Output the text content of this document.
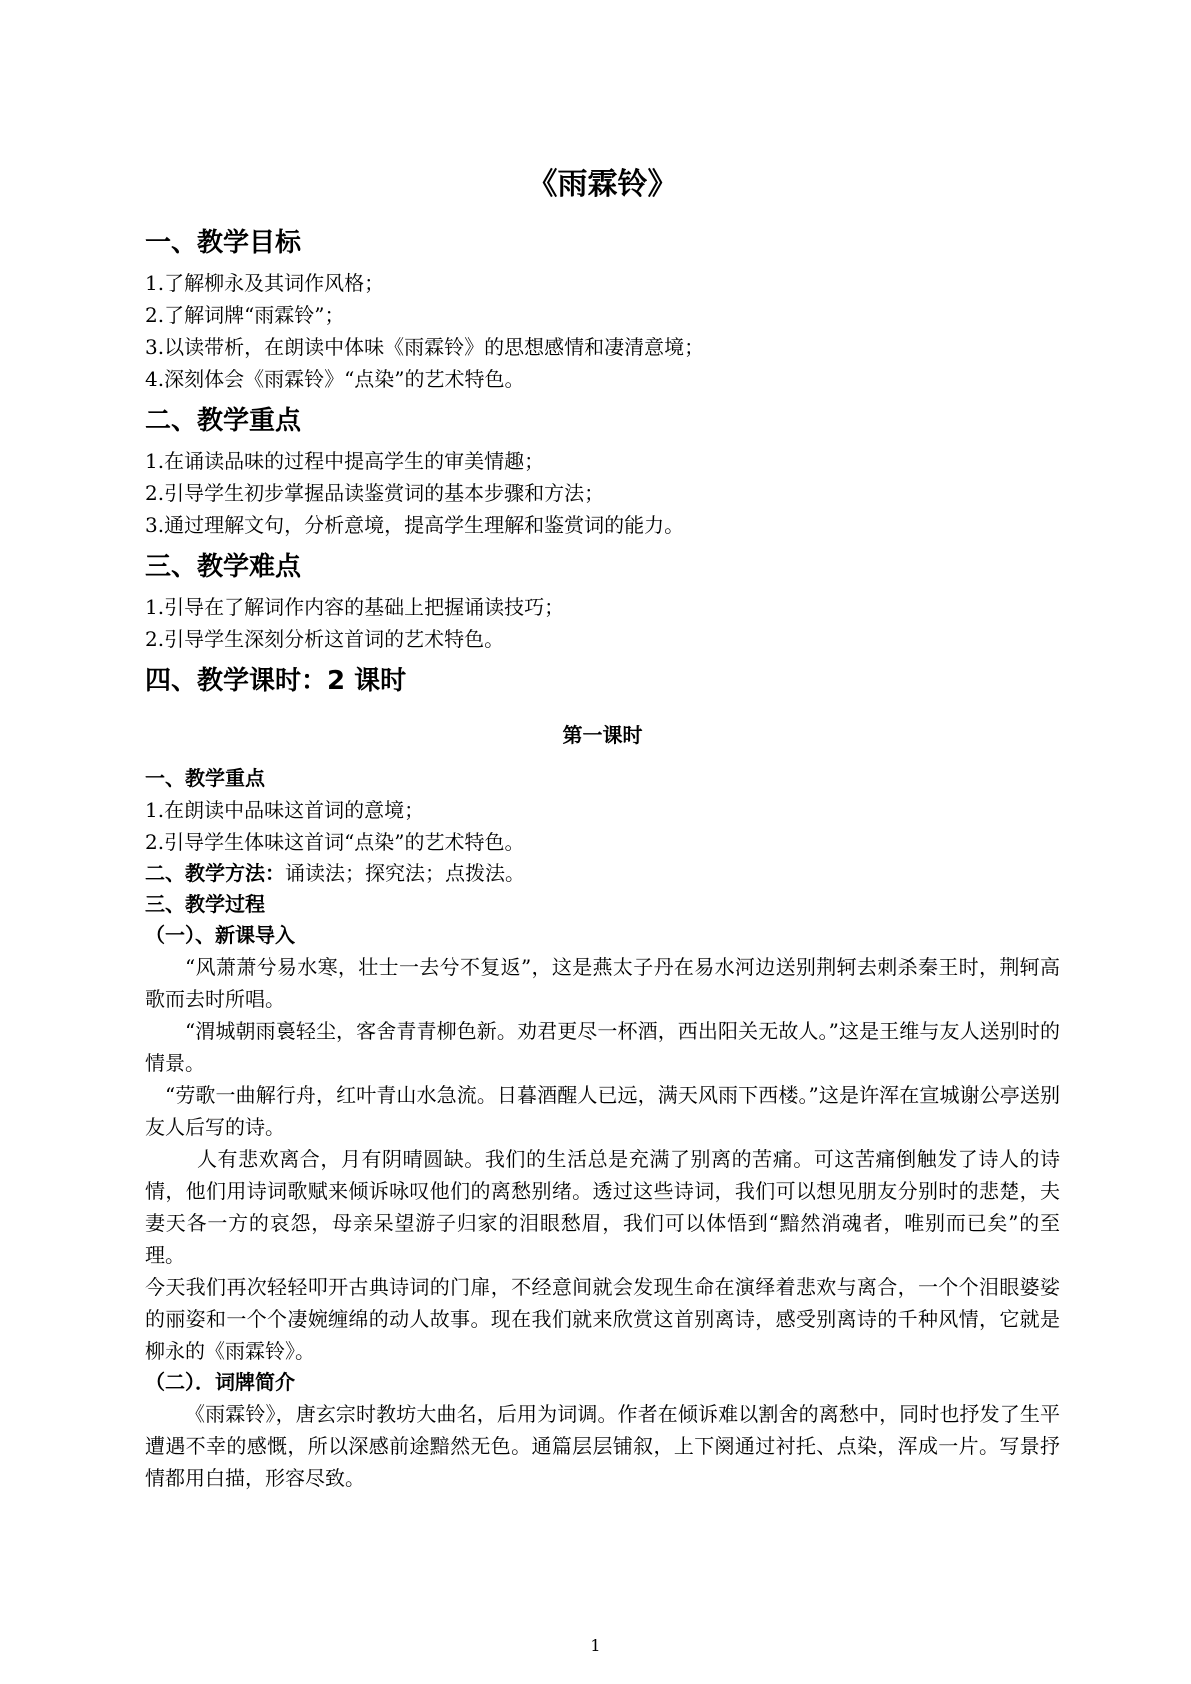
《雨霖铃》
一、教学目标

1.了解柳永及其词作风格；

2.了解词牌“雨霖铃”；

3.以读带析，在朗读中体味《雨霖铃》的思想感情和凄清意境；

4.深刻体会《雨霖铃》“点染”的艺术特色。

二、教学重点

1.在诵读品味的过程中提高学生的审美情趣；

2.引导学生初步掌握品读鉴赏词的基本步骤和方法；

3.通过理解文句，分析意境，提高学生理解和鉴赏词的能力。

三、教学难点

1.引导在了解词作内容的基础上把握诵读技巧；

2.引导学生深刻分析这首词的艺术特色。

四、教学课时：2 课时
第一课时
一、教学重点

1.在朗读中品味这首词的意境；

2.引导学生体味这首词“点染”的艺术特色。

二、教学方法：诵读法；探究法；点拨法。
三、教学过程
（一）、新课导入

“风萧萧兮易水寒，壮士一去兮不复返”，这是燕太子丹在易水河边送别荆轲去刺杀秦王时，荆轲高歌而去时所唱。

“渭城朝雨裛轻尘，客舍青青柳色新。劝君更尽一杯酒，西出阳关无故人。”这是王维与友人送别时的情景。

“劳歌一曲解行舟，红叶青山水急流。日暮酒醒人已远，满天风雨下西楼。”这是许浑在宣城谢公亭送别友人后写的诗。

人有悲欢离合，月有阴晴圆缺。我们的生活总是充满了别离的苦痛。可这苦痛倒触发了诗人的诗情，他们用诗词歌赋来倾诉咏叹他们的离愁别绪。透过这些诗词，我们可以想见朋友分别时的悲楚，夫妻天各一方的哀怨，母亲呆望游子归家的泪眼愁眉，我们可以体悟到“黯然消魂者，唯别而已矣”的至理。

今天我们再次轻轻叩开古典诗词的门扉，不经意间就会发现生命在演绎着悲欢与离合，一个个泪眼婆娑的丽姿和一个个凄婉缠绵的动人故事。现在我们就来欣赏这首别离诗，感受别离诗的千种风情，它就是柳永的《雨霖铃》。

（二）．词牌简介

《雨霖铃》，唐玄宗时教坊大曲名，后用为词调。作者在倾诉难以割舍的离愁中，同时也抒发了生平遭遇不幸的感慨，所以深感前途黯然无色。通篇层层铺叙，上下阕通过衬托、点染，浑成一片。写景抒情都用白描，形容尽致。

1
